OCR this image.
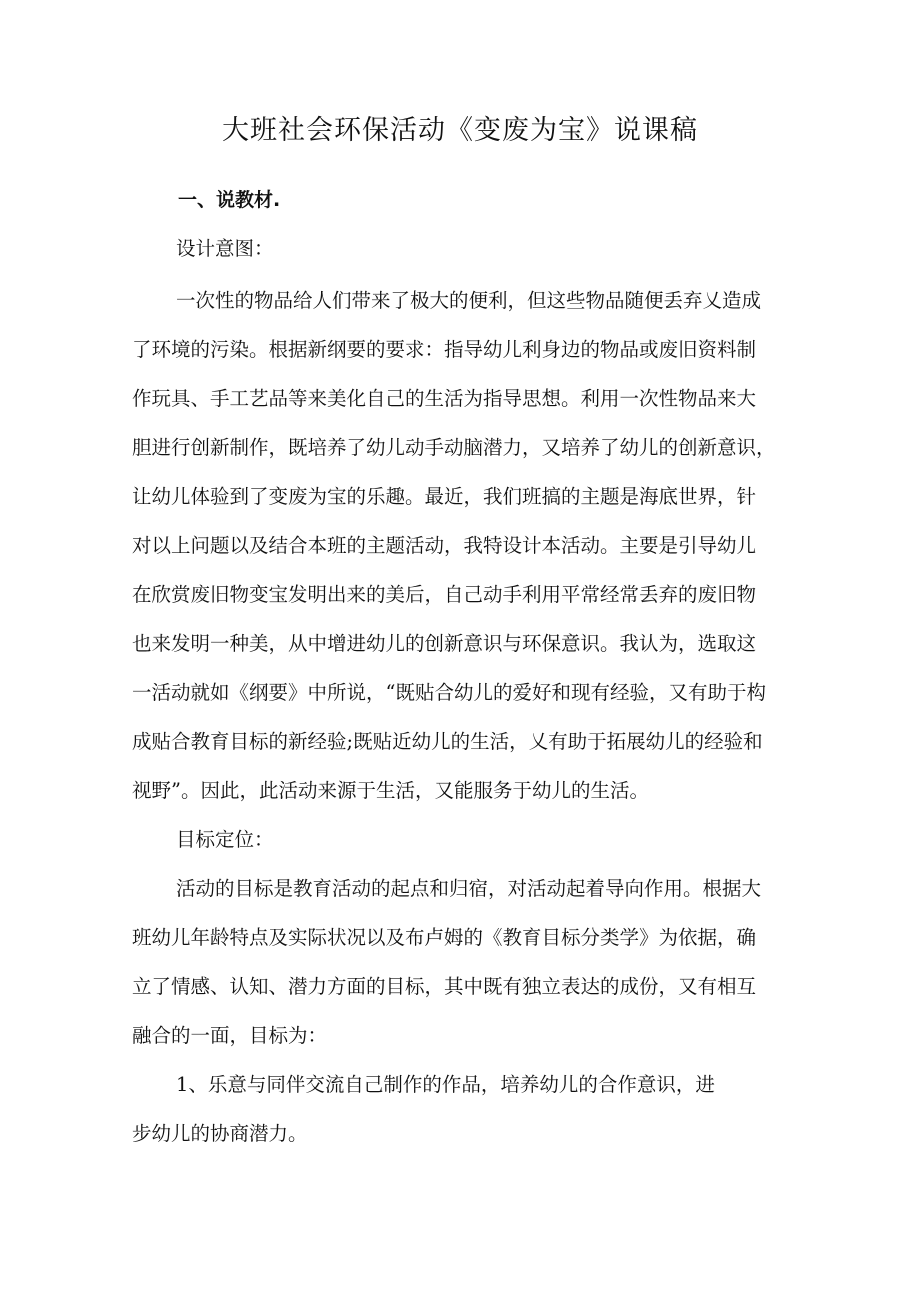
大班社会环保活动《变废为宝》说课稿
一、说教材.
设计意图：
一次性的物品给人们带来了极大的便利，但这些物品随便丢弃乂造成
了环境的污染。根据新纲要的要求：指导幼儿利身边的物品或废旧资料制
作玩具、手工艺品等来美化自己的生活为指导思想。利用一次性物品来大
胆进行创新制作，既培养了幼儿动手动脑潜力，又培养了幼儿的创新意识，
让幼儿体验到了变废为宝的乐趣。最近，我们班搞的主题是海底世界，针
对以上问题以及结合本班的主题活动，我特设计本活动。主要是引导幼儿
在欣赏废旧物变宝发明出来的美后，自己动手利用平常经常丢弃的废旧物
也来发明一种美，从中增进幼儿的创新意识与环保意识。我认为，选取这
一活动就如《纲要》中所说，“既贴合幼儿的爱好和现有经验，又有助于构
成贴合教育目标的新经验;既贴近幼儿的生活，乂有助于拓展幼儿的经验和
视野”。因此，此活动来源于生活，又能服务于幼儿的生活。
目标定位：
活动的目标是教育活动的起点和归宿，对活动起着导向作用。根据大
班幼儿年龄特点及实际状况以及布卢姆的《教育目标分类学》为依据，确
立了情感、认知、潜力方面的目标，其中既有独立表达的成份，又有相互
融合的一面，目标为：
1、乐意与同伴交流自己制作的作品，培养幼儿的合作意识，进
步幼儿的协商潜力。
